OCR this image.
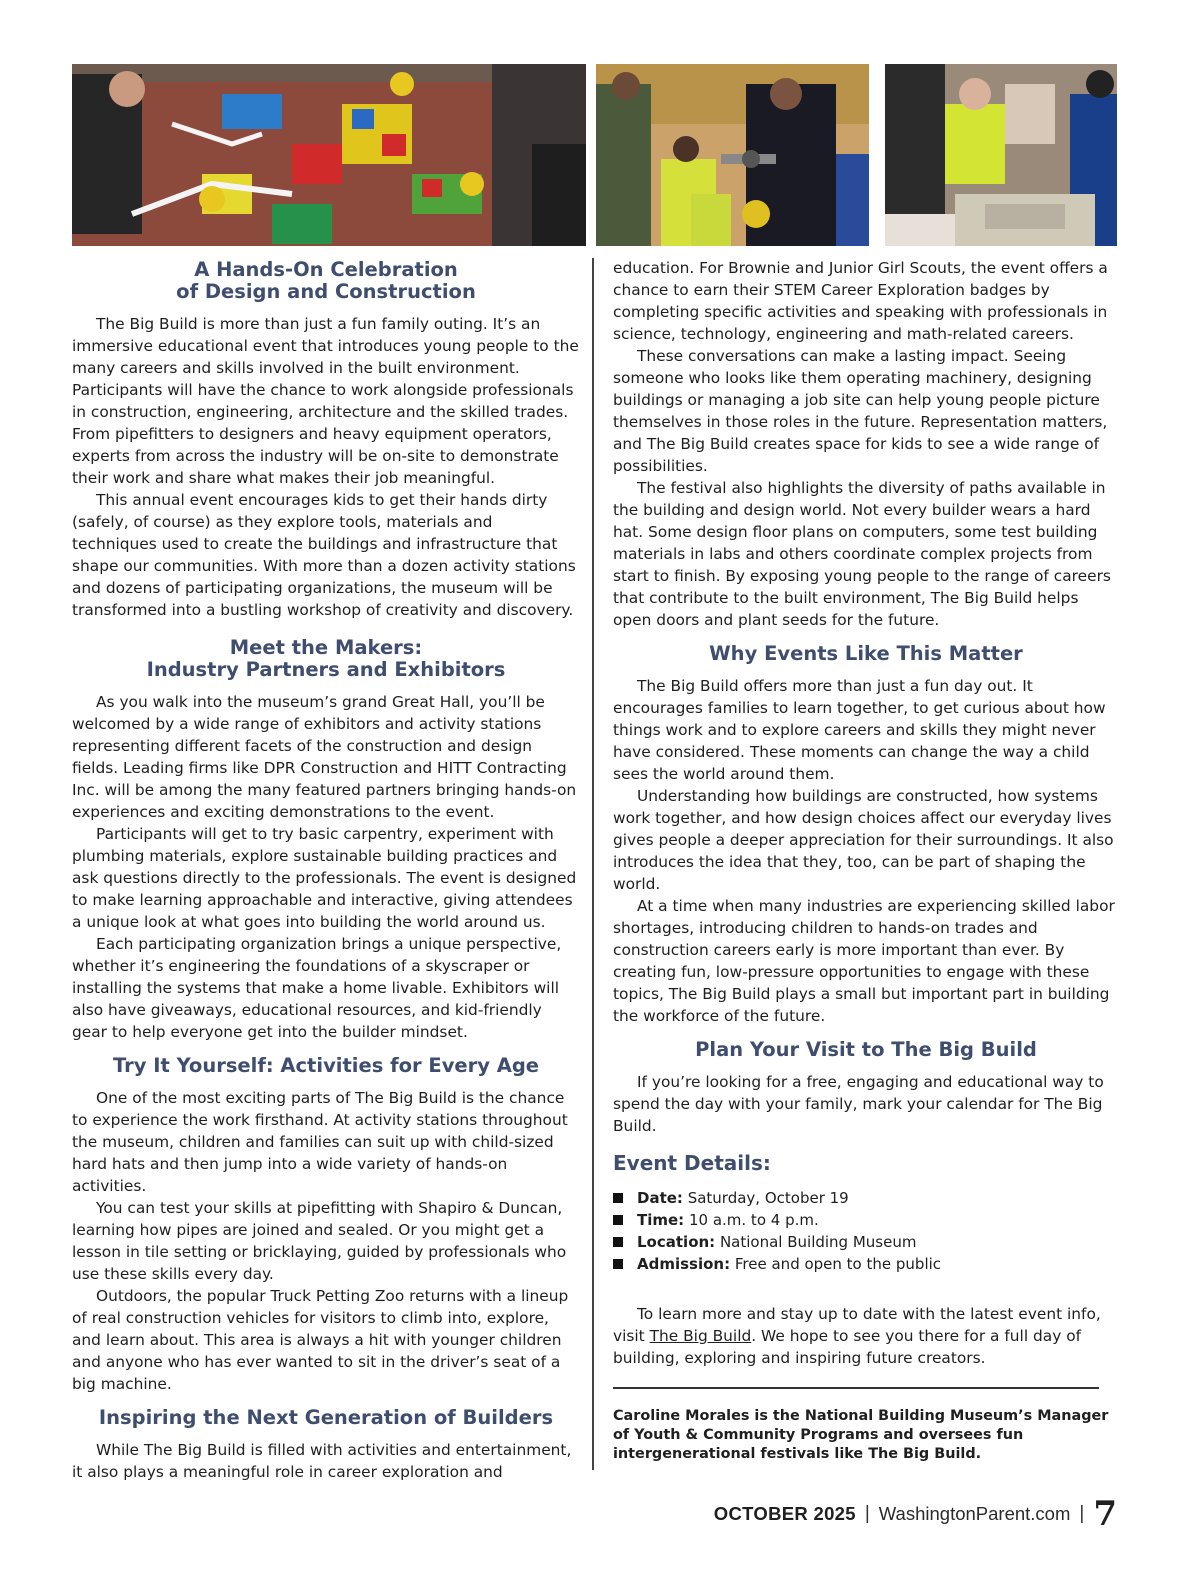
A Hands-On Celebration
of Design and Construction

The Big Build is more than just a fun family outing. It’s an immersive educational event that introduces young people to the many careers and skills involved in the built environment. Participants will have the chance to work alongside professionals in construction, engineering, architecture and the skilled trades. From pipefitters to designers and heavy equipment operators, experts from across the industry will be on-site to demonstrate their work and share what makes their job meaningful.

This annual event encourages kids to get their hands dirty (safely, of course) as they explore tools, materials and techniques used to create the buildings and infrastructure that shape our communities. With more than a dozen activity stations and dozens of participating organizations, the museum will be transformed into a bustling workshop of creativity and discovery.

Meet the Makers:
Industry Partners and Exhibitors

As you walk into the museum’s grand Great Hall, you’ll be welcomed by a wide range of exhibitors and activity stations representing different facets of the construction and design fields. Leading firms like DPR Construction and HITT Contracting Inc. will be among the many featured partners bringing hands-on experiences and exciting demonstrations to the event.

Participants will get to try basic carpentry, experiment with plumbing materials, explore sustainable building practices and ask questions directly to the professionals. The event is designed to make learning approachable and interactive, giving attendees a unique look at what goes into building the world around us.

Each participating organization brings a unique perspective, whether it’s engineering the foundations of a skyscraper or installing the systems that make a home livable. Exhibitors will also have giveaways, educational resources, and kid-friendly gear to help everyone get into the builder mindset.

Try It Yourself: Activities for Every Age

One of the most exciting parts of The Big Build is the chance to experience the work firsthand. At activity stations throughout the museum, children and families can suit up with child-sized hard hats and then jump into a wide variety of hands-on activities.

You can test your skills at pipefitting with Shapiro & Duncan, learning how pipes are joined and sealed. Or you might get a lesson in tile setting or bricklaying, guided by professionals who use these skills every day.

Outdoors, the popular Truck Petting Zoo returns with a lineup of real construction vehicles for visitors to climb into, explore, and learn about. This area is always a hit with younger children and anyone who has ever wanted to sit in the driver’s seat of a big machine.

Inspiring the Next Generation of Builders

While The Big Build is filled with activities and entertainment, it also plays a meaningful role in career exploration and

education. For Brownie and Junior Girl Scouts, the event offers a chance to earn their STEM Career Exploration badges by completing specific activities and speaking with professionals in science, technology, engineering and math-related careers.

These conversations can make a lasting impact. Seeing someone who looks like them operating machinery, designing buildings or managing a job site can help young people picture themselves in those roles in the future. Representation matters, and The Big Build creates space for kids to see a wide range of possibilities.

The festival also highlights the diversity of paths available in the building and design world. Not every builder wears a hard hat. Some design floor plans on computers, some test building materials in labs and others coordinate complex projects from start to finish. By exposing young people to the range of careers that contribute to the built environment, The Big Build helps open doors and plant seeds for the future.

Why Events Like This Matter

The Big Build offers more than just a fun day out. It encourages families to learn together, to get curious about how things work and to explore careers and skills they might never have considered. These moments can change the way a child sees the world around them.

Understanding how buildings are constructed, how systems work together, and how design choices affect our everyday lives gives people a deeper appreciation for their surroundings. It also introduces the idea that they, too, can be part of shaping the world.

At a time when many industries are experiencing skilled labor shortages, introducing children to hands-on trades and construction careers early is more important than ever. By creating fun, low-pressure opportunities to engage with these topics, The Big Build plays a small but important part in building the workforce of the future.

Plan Your Visit to The Big Build

If you’re looking for a free, engaging and educational way to spend the day with your family, mark your calendar for The Big Build.

Event Details:
Date: Saturday, October 19
Time: 10 a.m. to 4 p.m.
Location: National Building Museum
Admission: Free and open to the public

To learn more and stay up to date with the latest event info, visit The Big Build. We hope to see you there for a full day of building, exploring and inspiring future creators.

Caroline Morales is the National Building Museum’s Manager of Youth & Community Programs and oversees fun intergenerational festivals like The Big Build.
OCTOBER 2025 | WashingtonParent.com | 7
